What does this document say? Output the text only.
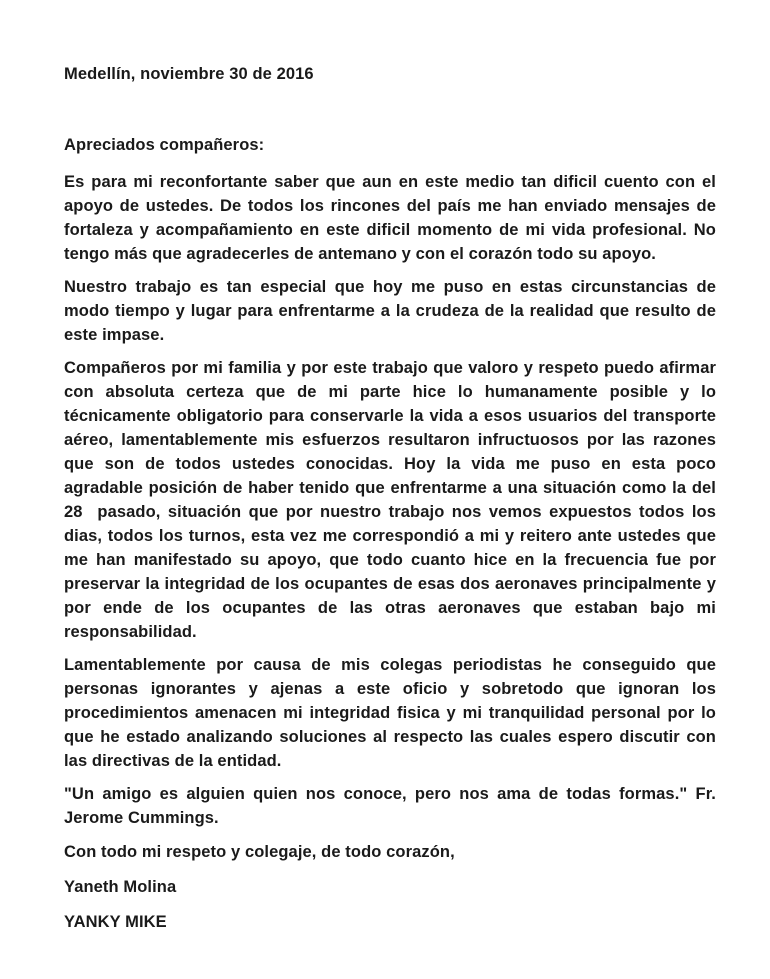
Medellín, noviembre 30 de 2016

Apreciados compañeros:

Es para mi reconfortante saber que aun en este medio tan dificil cuento con el apoyo de ustedes. De todos los rincones del país me han enviado mensajes de fortaleza y acompañamiento en este dificil momento de mi vida profesional. No tengo más que agradecerles de antemano y con el corazón todo su apoyo.

Nuestro trabajo es tan especial que hoy me puso en estas circunstancias de modo tiempo y lugar para enfrentarme a la crudeza de la realidad que resulto de este impase.

Compañeros por mi familia y por este trabajo que valoro y respeto puedo afirmar con absoluta certeza que de mi parte hice lo humanamente posible y lo técnicamente obligatorio para conservarle la vida a esos usuarios del transporte aéreo, lamentablemente mis esfuerzos resultaron infructuosos por las razones que son de todos ustedes conocidas. Hoy la vida me puso en esta poco agradable posición de haber tenido que enfrentarme a una situación como la del 28  pasado, situación que por nuestro trabajo nos vemos expuestos todos los dias, todos los turnos, esta vez me correspondió a mi y reitero ante ustedes que me han manifestado su apoyo, que todo cuanto hice en la frecuencia fue por preservar la integridad de los ocupantes de esas dos aeronaves principalmente y por ende de los ocupantes de las otras aeronaves que estaban bajo mi responsabilidad.

Lamentablemente por causa de mis colegas periodistas he conseguido que personas ignorantes y ajenas a este oficio y sobretodo que ignoran los procedimientos amenacen mi integridad fisica y mi tranquilidad personal por lo que he estado analizando soluciones al respecto las cuales espero discutir con las directivas de la entidad.

"Un amigo es alguien quien nos conoce, pero nos ama de todas formas." Fr. Jerome Cummings.

Con todo mi respeto y colegaje, de todo corazón,

Yaneth Molina

YANKY MIKE
